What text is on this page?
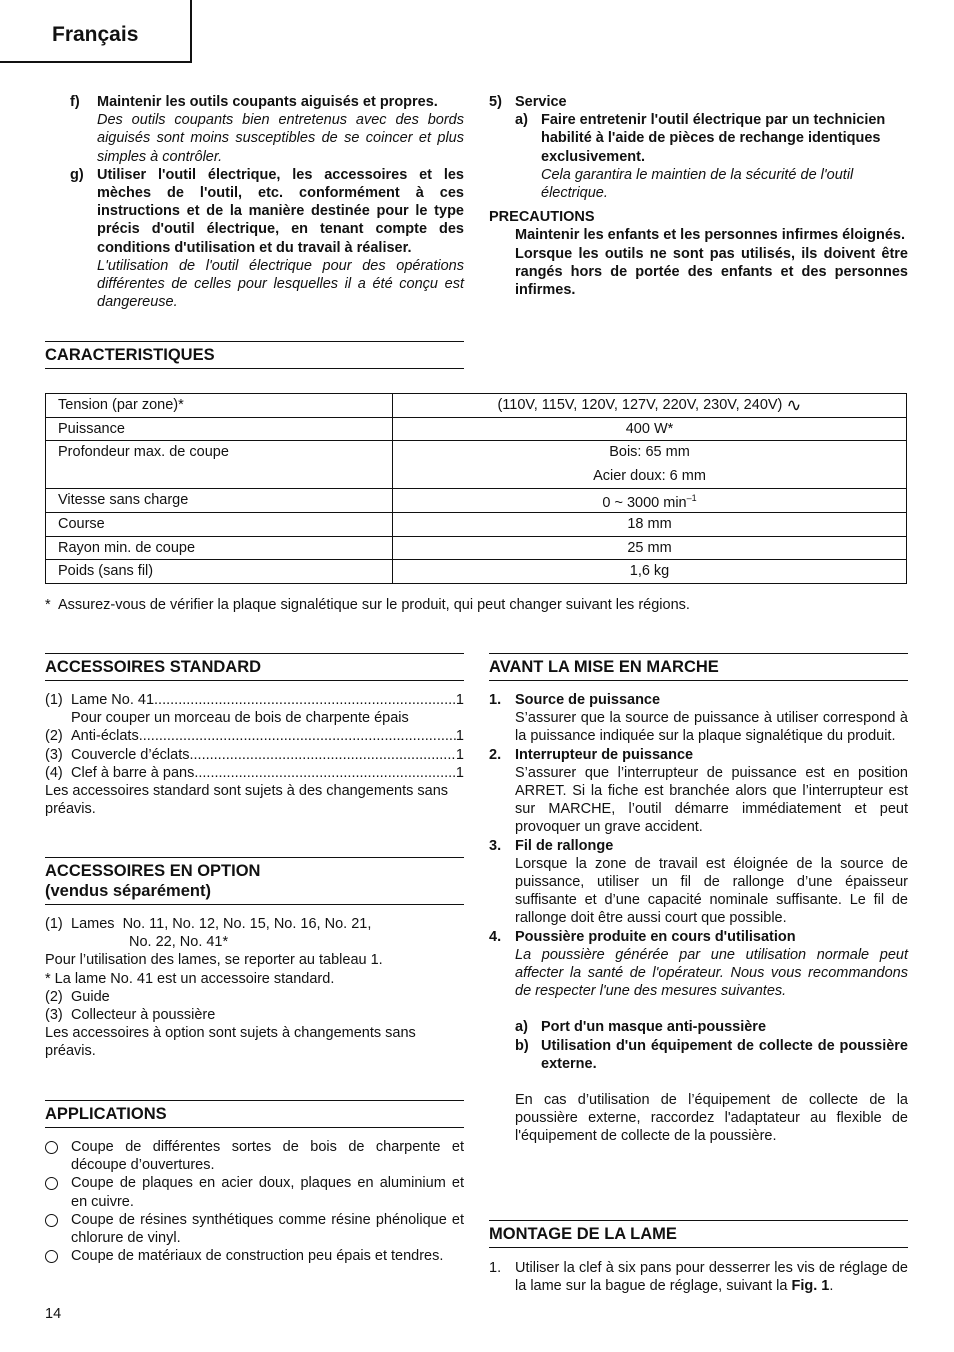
Français
f) Maintenir les outils coupants aiguisés et propres.
Des outils coupants bien entretenus avec des bords aiguisés sont moins susceptibles de se coincer et plus simples à contrôler.
g) Utiliser l'outil électrique, les accessoires et les mèches de l'outil, etc. conformément à ces instructions et de la manière destinée pour le type précis d'outil électrique, en tenant compte des conditions d'utilisation et du travail à réaliser.
L'utilisation de l'outil électrique pour des opérations différentes de celles pour lesquelles il a été conçu est dangereuse.
5) Service
a) Faire entretenir l'outil électrique par un technicien habilité à l'aide de pièces de rechange identiques exclusivement.
Cela garantira le maintien de la sécurité de l'outil électrique.
PRECAUTIONS
Maintenir les enfants et les personnes infirmes éloignés.
Lorsque les outils ne sont pas utilisés, ils doivent être rangés hors de portée des enfants et des personnes infirmes.
CARACTERISTIQUES
Tension (par zone)*	(110V, 115V, 120V, 127V, 220V, 230V, 240V) ∿
Puissance	400 W*
Profondeur max. de coupe	Bois: 65 mm
Acier doux: 6 mm

Vitesse sans charge	0 ~ 3000 $\min^{-1}$
Course	18 mm
Rayon min. de coupe	25 mm
Poids (sans fil)	1,6 kg
* Assurez-vous de vérifier la plaque signalétique sur le produit, qui peut changer suivant les régions.
ACCESSOIRES STANDARD
(1) Lame No. 41 .....	1
Pour couper un morceau de bois de charpente épais
(2) Anti-éclats .....	1
(3) Couvercle d’éclats .....	1
(4) Clef à barre à pans .....	1
Les accessoires standard sont sujets à des changements sans préavis.
ACCESSOIRES EN OPTION
(vendus séparément)
(1) Lames  No. 11, No. 12, No. 15, No. 16, No. 21,
No. 22, No. 41*
Pour l’utilisation des lames, se reporter au tableau 1.
* La lame No. 41 est un accessoire standard.
(2) Guide
(3) Collecteur à poussière
Les accessoires à option sont sujets à changements sans préavis.
APPLICATIONS
Coupe de différentes sortes de bois de charpente et découpe d’ouvertures.
Coupe de plaques en acier doux, plaques en aluminium et en cuivre.
Coupe de résines synthétiques comme résine phénolique et chlorure de vinyl.
Coupe de matériaux de construction peu épais et tendres.
AVANT LA MISE EN MARCHE
1. Source de puissance
S’assurer que la source de puissance à utiliser correspond à la puissance indiquée sur la plaque signalétique du produit.
2. Interrupteur de puissance
S’assurer que l’interrupteur de puissance est en position ARRET. Si la fiche est branchée alors que l’interrupteur est sur MARCHE, l’outil démarre immédiatement et peut provoquer un grave accident.
3. Fil de rallonge
Lorsque la zone de travail est éloignée de la source de puissance, utiliser un fil de rallonge d’une épaisseur suffisante et d’une capacité nominale suffisante. Le fil de rallonge doit être aussi court que possible.
4. Poussière produite en cours d'utilisation
La poussière générée par une utilisation normale peut affecter la santé de l'opérateur. Nous vous recommandons de respecter l'une des mesures suivantes.
a) Port d'un masque anti-poussière
b) Utilisation d'un équipement de collecte de poussière externe.
En cas d’utilisation de l’équipement de collecte de la poussière externe, raccordez l'adaptateur au flexible de l'équipement de collecte de la poussière.
MONTAGE DE LA LAME
1. Utiliser la clef à six pans pour desserrer les vis de réglage de la lame sur la bague de réglage, suivant la Fig. 1.
14
